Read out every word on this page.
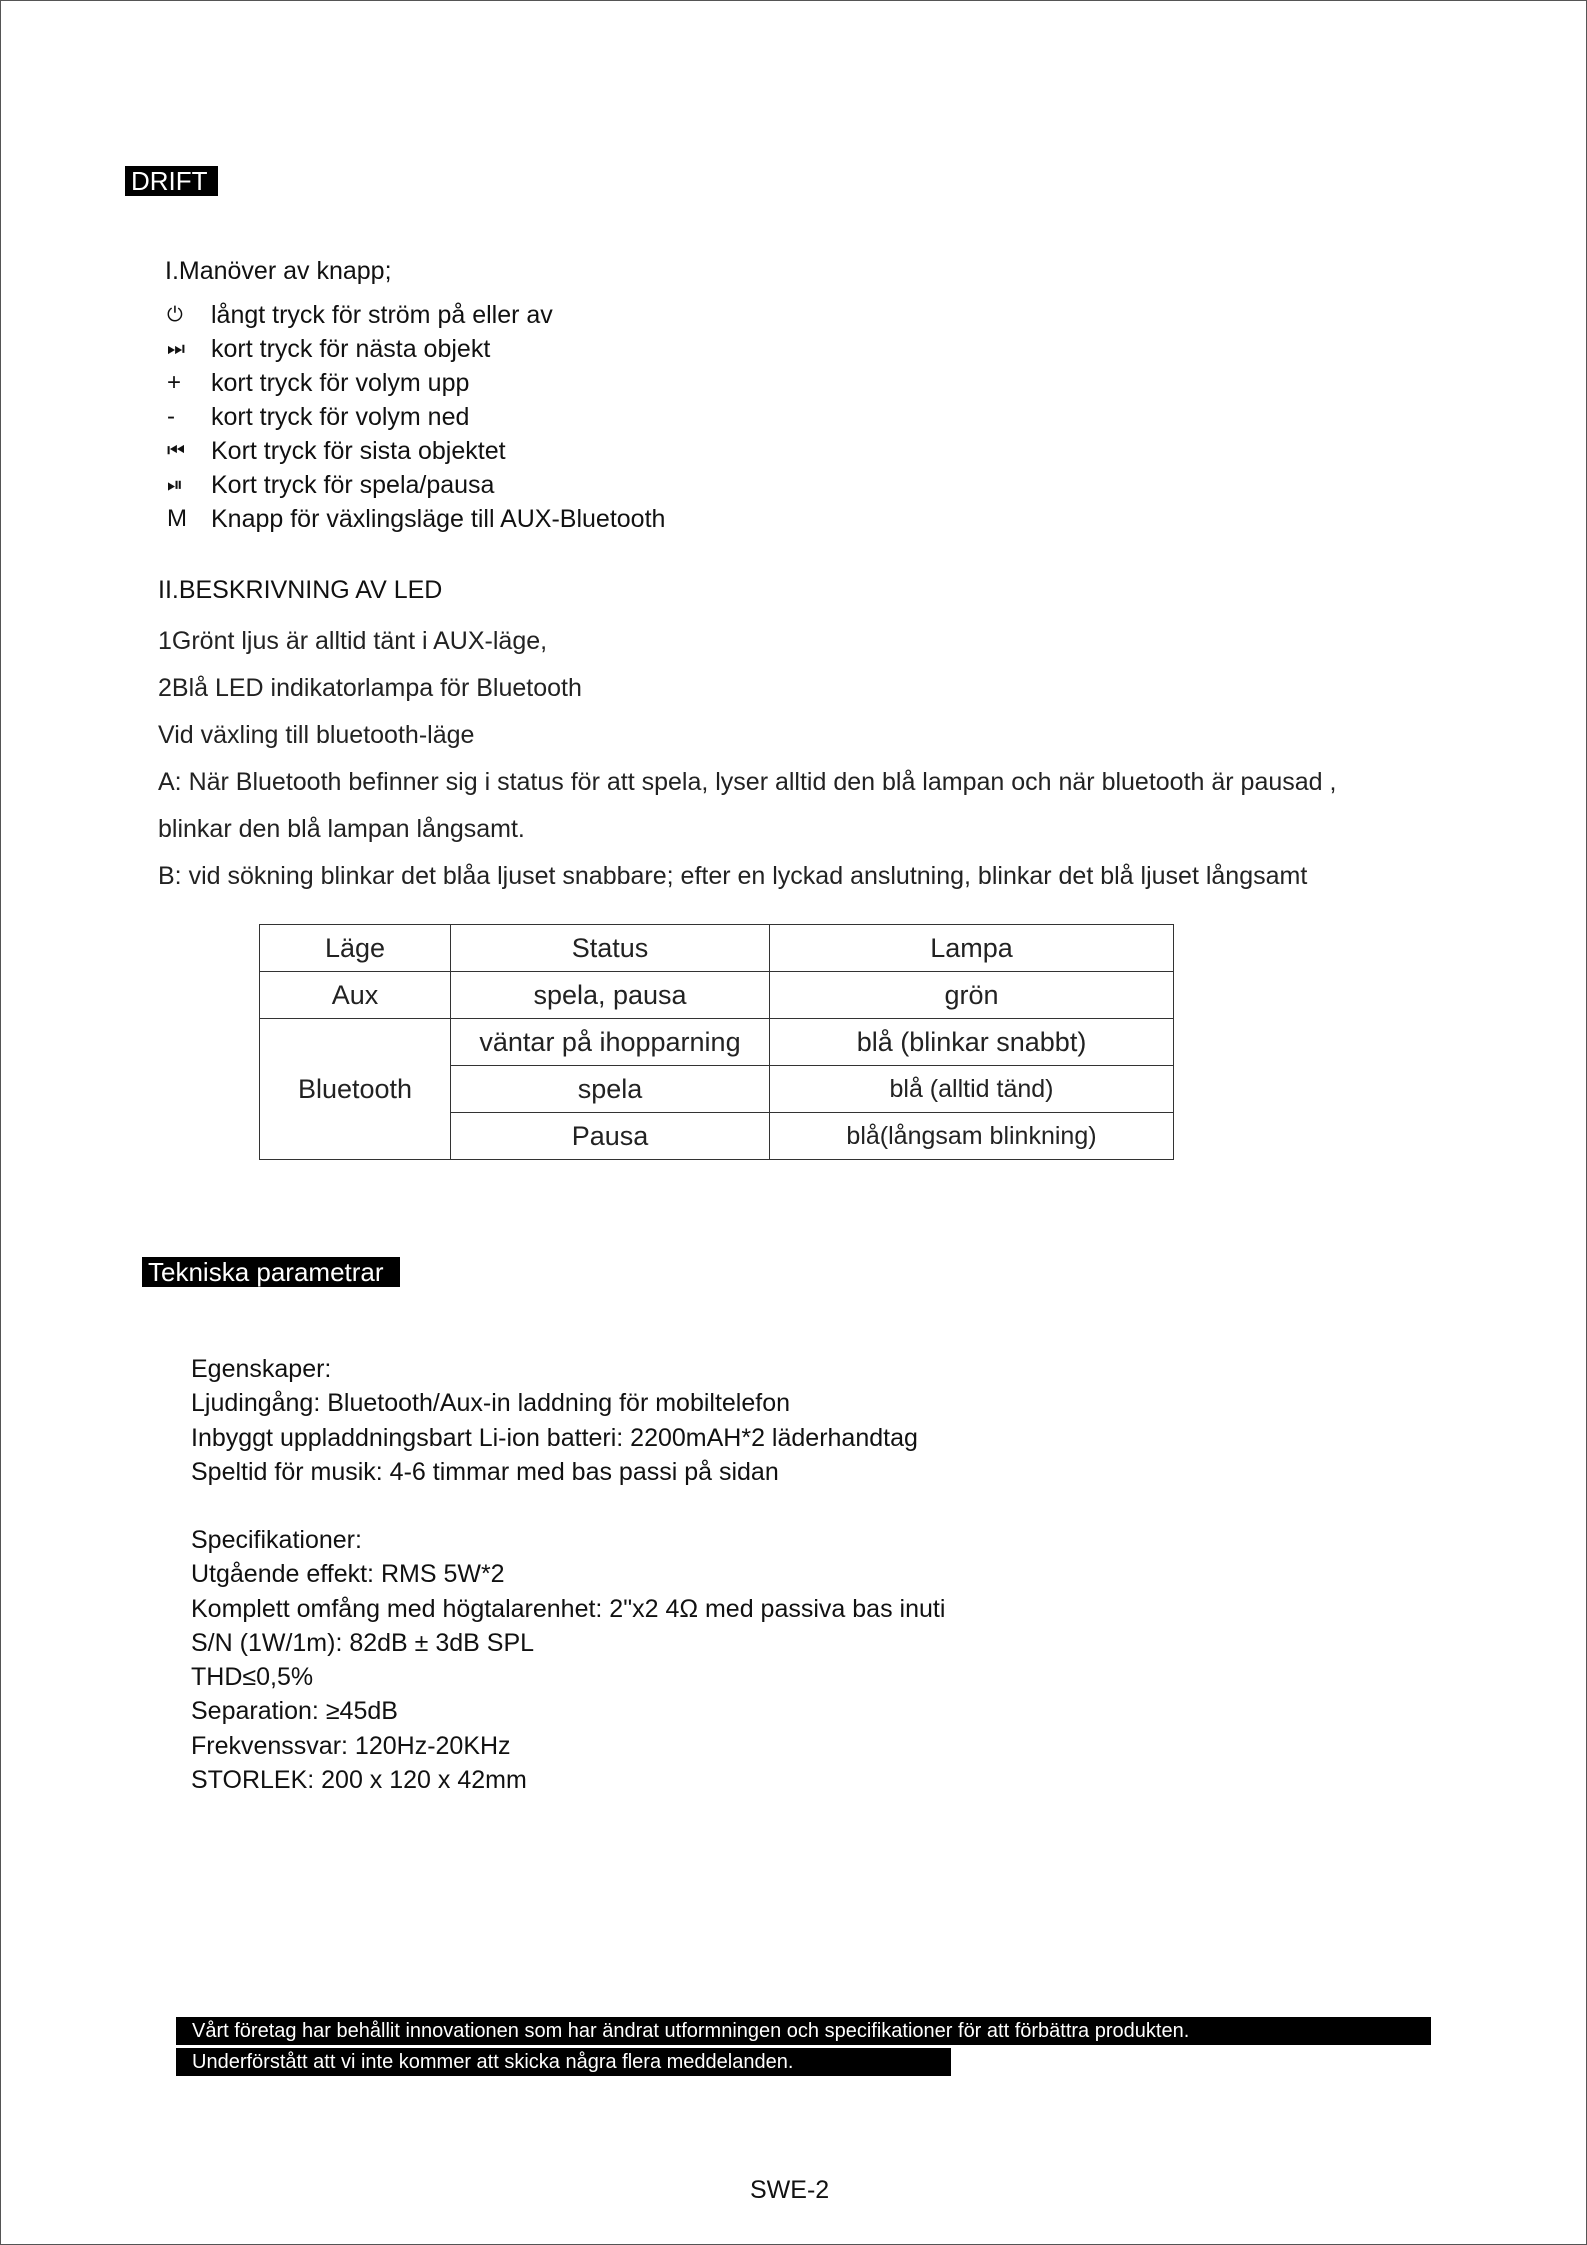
DRIFT
I.Manöver av knapp;
⏻	långt tryck för ström på eller av
⏭	kort tryck för nästa objekt
+	kort tryck för volym upp
-	kort tryck för volym ned
⏮	Kort tryck för sista objektet
⏯	Kort tryck för spela/pausa
M Knapp för växlingsläge till AUX-Bluetooth
II.BESKRIVNING AV LED
1Grönt ljus är alltid tänt i AUX-läge,
2Blå LED indikatorlampa för Bluetooth
Vid växling till bluetooth-läge
A: När Bluetooth befinner sig i status för att spela, lyser alltid den blå lampan och när bluetooth är pausad ,
blinkar den blå lampan långsamt.
B: vid sökning blinkar det blåa ljuset snabbare; efter en lyckad anslutning, blinkar det blå ljuset långsamt
Läge	Status	Lampa
Aux	spela, pausa	grön
Bluetooth	väntar på ihopparning	blå (blinkar snabbt)
	spela	blå (alltid tänd)
	Pausa	blå(långsam blinkning)
Tekniska parametrar
Egenskaper:
Ljudingång: Bluetooth/Aux-in laddning för mobiltelefon
Inbyggt uppladdningsbart Li-ion batteri: 2200mAH*2 läderhandtag
Speltid för musik: 4-6 timmar med bas passi på sidan
Specifikationer:
Utgående effekt: RMS 5W*2
Komplett omfång med högtalarenhet: 2"x2 4Ω med passiva bas inuti
S/N (1W/1m): 82dB ± 3dB SPL
THD≤0,5%
Separation: ≥45dB
Frekvenssvar: 120Hz-20KHz
STORLEK: 200 x 120 x 42mm
Vårt företag har behållit innovationen som har ändrat utformningen och specifikationer för att förbättra produkten.
Underförstått att vi inte kommer att skicka några flera meddelanden.
SWE-2
